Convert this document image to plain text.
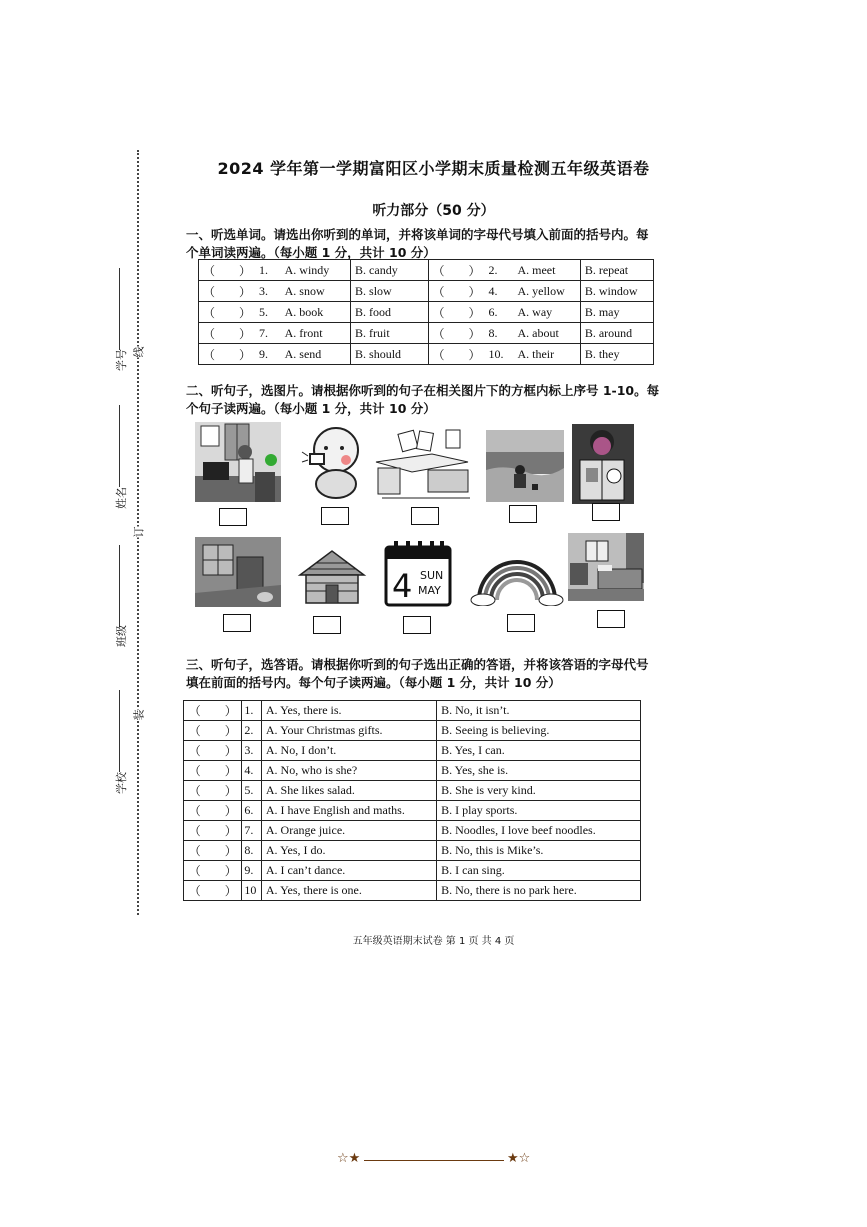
学号
姓名
班级
学校
线
订
装
2024 学年第一学期富阳区小学期末质量检测五年级英语卷
听力部分（50 分）
一、听选单词。请选出你听到的单词，并将该单词的字母代号填入前面的括号内。每
个单词读两遍。（每小题 1 分，共计 10 分）
（　　）	1.	A. windy	B. candy	（　　）	2.	A. meet	B. repeat
（　　）	3.	A. snow	B. slow	（　　）	4.	A. yellow	B. window
（　　）	5.	A. book	B. food	（　　）	6.	A. way	B. may
（　　）	7.	A. front	B. fruit	（　　）	8.	A. about	B. around
（　　）	9.	A. send	B. should	（　　）	10.	A. their	B. they
二、听句子，选图片。请根据你听到的句子在相关图片下的方框内标上序号 1-10。每
个句子读两遍。（每小题 1 分，共计 10 分）
4 SUN
MAY
三、听句子，选答语。请根据你听到的句子选出正确的答语，并将该答语的字母代号
填在前面的括号内。每个句子读两遍。（每小题 1 分，共计 10 分）
（　　）	1.	A. Yes, there is.	B. No, it isn’t.
（　　）	2.	A. Your Christmas gifts.	B. Seeing is believing.
（　　）	3.	A. No, I don’t.	B. Yes, I can.
（　　）	4.	A. No, who is she?	B. Yes, she is.
（　　）	5.	A. She likes salad.	B. She is very kind.
（　　）	6.	A. I have English and maths.	B. I play sports.
（　　）	7.	A. Orange juice.	B. Noodles, I love beef noodles.
（　　）	8.	A. Yes, I do.	B. No, this is Mike’s.
（　　）	9.	A. I can’t dance.	B. I can sing.
（　　）	10	A. Yes, there is one.	B. No, there is no park here.
五年级英语期末试卷 第 1 页 共 4 页
☆★	★☆
